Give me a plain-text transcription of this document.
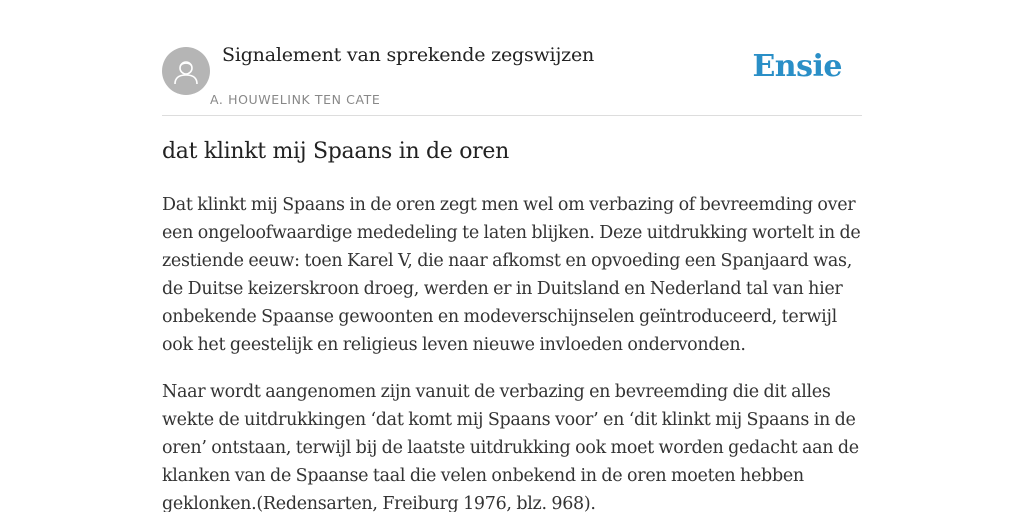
Signalement van sprekende zegswijzen
A. HOUWELINK TEN CATE
Ensie
dat klinkt mij Spaans in de oren

Dat klinkt mij Spaans in de oren zegt men wel om verbazing of bevreemding over een ongeloofwaardige mededeling te laten blijken. Deze uitdrukking wortelt in de zestiende eeuw: toen Karel V, die naar afkomst en opvoeding een Spanjaard was, de Duitse keizerskroon droeg, werden er in Duitsland en Nederland tal van hier onbekende Spaanse gewoonten en modeverschijnselen geïntroduceerd, terwijl ook het geestelijk en religieus leven nieuwe invloeden ondervonden.

Naar wordt aangenomen zijn vanuit de verbazing en bevreemding die dit alles wekte de uitdrukkingen ‘dat komt mij Spaans voor’ en ‘dit klinkt mij Spaans in de oren’ ontstaan, terwijl bij de laatste uitdrukking ook moet worden gedacht aan de klanken van de Spaanse taal die velen onbekend in de oren moeten hebben geklonken.(Redensarten, Freiburg 1976, blz. 968).
